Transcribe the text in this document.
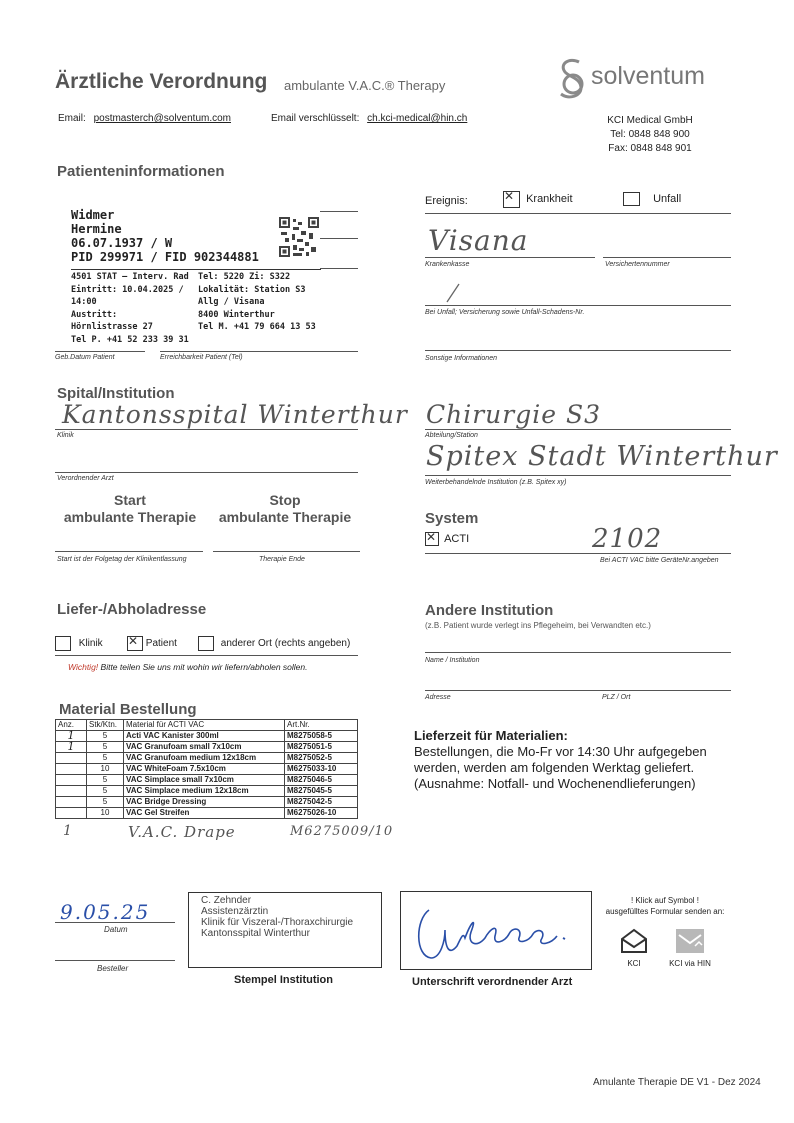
Ärztliche Verordnung ambulante V.A.C.® Therapy	solventum
Email: postmasterch@solventum.com	Email verschlüsselt: ch.kci-medical@hin.ch	KCI Medical GmbH
Tel: 0848 848 900
Fax: 0848 848 901
Patienteninformationen
Widmer
Hermine
06.07.1937 / W
PID 299971 / FID 902344881
4501 STAT – Interv. Rad
Eintritt: 10.04.2025 / 14:00
Austritt:
Hörnlistrasse 27
Tel P. +41 52 233 39 31
Tel: 5220 Zi: S322
Lokalität: Station S3
Allg / Visana
8400 Winterthur
Tel M. +41 79 664 13 53
Geb.Datum Patient	Erreichbarkeit Patient (Tel)
Ereignis: ✕	Krankheit	Unfall
Visana
Krankenkasse	Versichertennummer
Bei Unfall; Versicherung sowie Unfall-Schadens-Nr.
Sonstige Informationen
Spital/Institution
Kantonsspital Winterthur
Klinik
Verordnender Arzt
Start
ambulante Therapie
Stop
ambulante Therapie
Start ist der Folgetag der Klinikentlassung	Therapie Ende
Chirurgie S3
Abteilung/Station
Spitex Stadt Winterthur
Weiterbehandelnde Institution (z.B. Spitex xy)
System
✕ ACTI	2102
Bei ACTI VAC bitte GeräteNr.angeben
Liefer-/Abholadresse
Klinik ✕	Patient	anderer Ort (rechts angeben)
Wichtig! Bitte teilen Sie uns mit wohin wir liefern/abholen sollen.
Andere Institution
(z.B. Patient wurde verlegt ins Pflegeheim, bei Verwandten etc.)
Name / Institution
Adresse	PLZ / Ort
Material Bestellung
Anz.	Stk/Ktn.	Material für ACTI VAC	Art.Nr.
1	5	Acti VAC Kanister 300ml	M8275058-5
1	5	VAC Granufoam small 7x10cm	M8275051-5
	5	VAC Granufoam medium 12x18cm	M8275052-5
	10	VAC WhiteFoam 7.5x10cm	M6275033-10
	5	VAC Simplace small 7x10cm	M8275046-5
	5	VAC Simplace medium 12x18cm	M8275045-5
	5	VAC Bridge Dressing	M8275042-5
	10	VAC Gel Streifen	M6275026-10
1	V.A.C. Drape	M6275009/10
Lieferzeit für Materialien:
Bestellungen, die Mo-Fr vor 14:30 Uhr aufgegeben
werden, werden am folgenden Werktag geliefert.
(Ausnahme: Notfall- und Wochenendlieferungen)
9.05.25
Datum
Besteller
C. Zehnder
Assistenzärztin
Klinik für Viszeral-/Thoraxchirurgie
Kantonsspital Winterthur
Stempel Institution	Unterschrift verordnender Arzt
! Klick auf Symbol !
ausgefülltes Formular senden an:
KCI	KCI via HIN
Amulante Therapie DE V1 - Dez 2024
